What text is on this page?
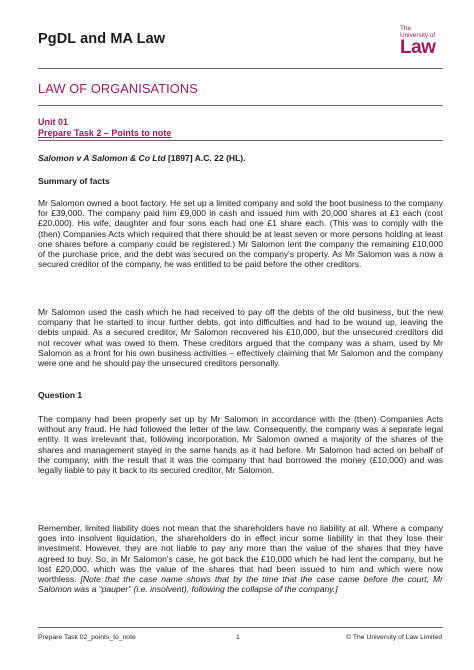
PgDL and MA Law
The
University of
Law
LAW OF ORGANISATIONS
Unit 01
Prepare Task 2 – Points to note
Salomon v A Salomon & Co Ltd [1897] A.C. 22 (HL).
Summary of facts
Mr Salomon owned a boot factory. He set up a limited company and sold the boot business to the company for £39,000. The company paid him £9,000 in cash and issued him with 20,000 shares at £1 each (cost £20,000). His wife, daughter and four sons each had one £1 share each. (This was to comply with the (then) Companies Acts which required that there should be at least seven or more persons holding at least one shares before a company could be registered.) Mr Salomon lent the company the remaining £10,000 of the purchase price, and the debt was secured on the company's property. As Mr Salomon was a now a secured creditor of the company, he was entitled to be paid before the other creditors.
Mr Salomon used the cash which he had received to pay off the debts of the old business, but the new company that he started to incur further debts, got into difficulties and had to be wound up, leaving the debts unpaid. As a secured creditor, Mr Salomon recovered his £10,000, but the unsecured creditors did not recover what was owed to them. These creditors argued that the company was a sham, used by Mr Salomon as a front for his own business activities – effectively claiming that Mr Salomon and the company were one and he should pay the unsecured creditors personally.
Question 1
The company had been properly set up by Mr Salomon in accordance with the (then) Companies Acts without any fraud. He had followed the letter of the law. Consequently, the company was a separate legal entity. It was irrelevant that, following incorporation, Mr Salomon owned a majority of the shares of the shares and management stayed in the same hands as it had before. Mr Salomon had acted on behalf of the company, with the result that it was the company that had borrowed the money (£10,000) and was legally liable to pay it back to its secured creditor, Mr Salomon.
Remember, limited liability does not mean that the shareholders have no liability at all. Where a company goes into insolvent liquidation, the shareholders do in effect incur some liability in that they lose their investment. However, they are not liable to pay any more than the value of the shares that they have agreed to buy. So, in Mr Salomon's case, he got back the £10,000 which he had lent the company, but he lost £20,000, which was the value of the shares that had been issued to him and which were now worthless. [Note that the case name shows that by the time that the case came before the court, Mr Salomon was a “pauper” (i.e. insolvent), following the collapse of the company.]
Prepare Task 02_points_to_note	1	© The University of Law Limited
